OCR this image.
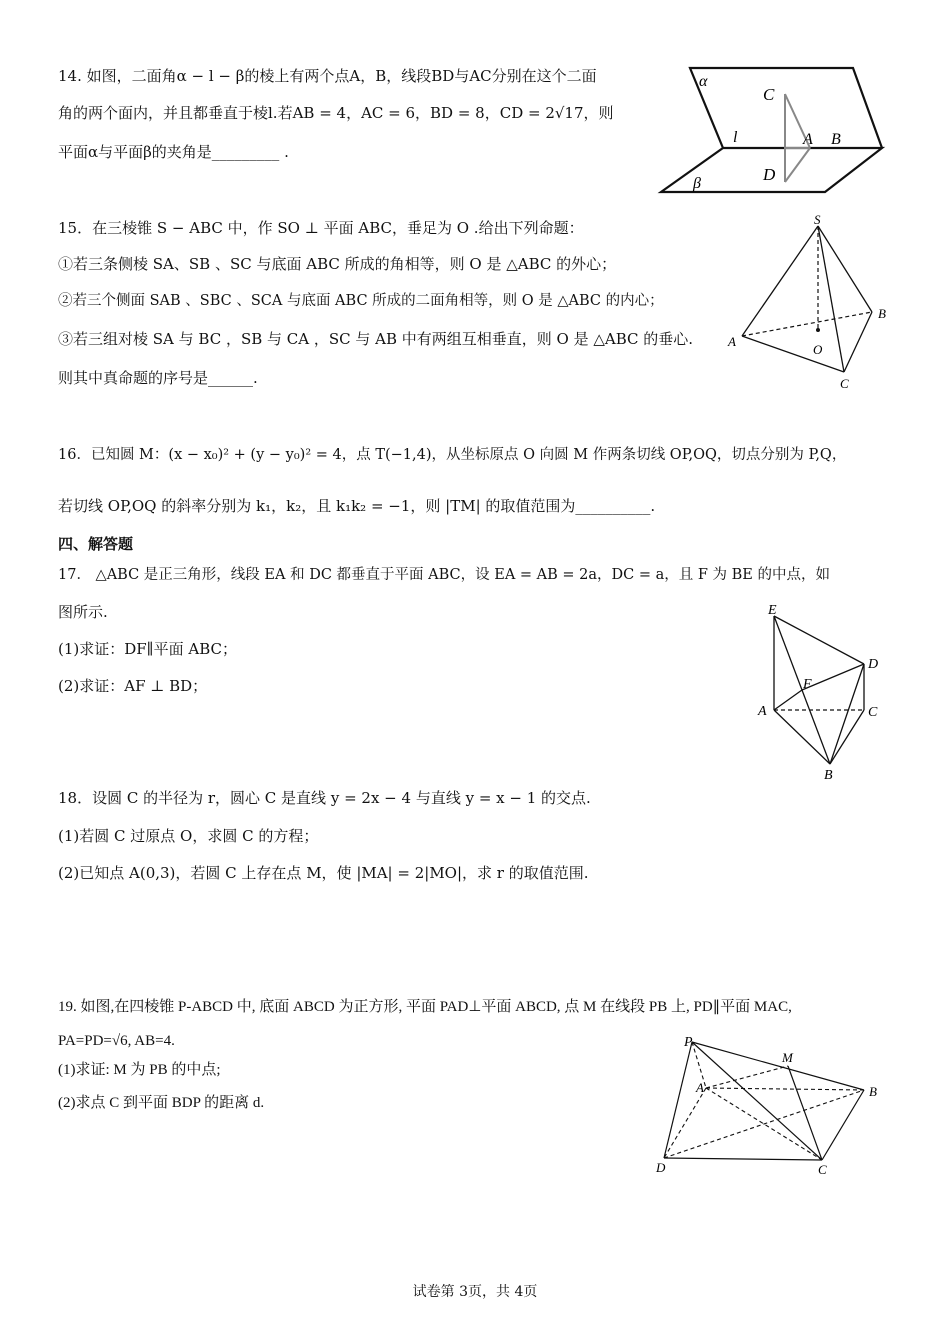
14. 如图，二面角α − l − β的棱上有两个点A，B，线段BD与AC分别在这个二面
角的两个面内，并且都垂直于棱l.若AB = 4，AC = 6，BD = 8，CD = 2√17，则
平面α与平面β的夹角是_________ .
α
C
l	A B
D
β
15．在三棱锥 S − ABC 中，作 SO ⊥ 平面 ABC，垂足为 O .给出下列命题：
①若三条侧棱 SA、SB 、SC 与底面 ABC 所成的角相等，则 O 是 △ABC 的外心；
②若三个侧面 SAB 、SBC 、SCA 与底面 ABC 所成的二面角相等，则 O 是 △ABC 的内心；
③若三组对棱 SA 与 BC ，SB 与 CA ，SC 与 AB 中有两组互相垂直，则 O 是 △ABC 的垂心.
则其中真命题的序号是______.
S
B
A
O
C
16．已知圆 M：(x − x₀)² + (y − y₀)² = 4，点 T(−1,4)，从坐标原点 O 向圆 M 作两条切线 OP,OQ，切点分别为 P,Q，
若切线 OP,OQ 的斜率分别为 k₁，k₂，且 k₁k₂ = −1，则 |TM| 的取值范围为__________.
四、解答题
17． △ABC 是正三角形，线段 EA 和 DC 都垂直于平面 ABC，设 EA = AB = 2a，DC = a，且 F 为 BE 的中点，如
图所示.
(1)求证：DF∥平面 ABC；
(2)求证：AF ⊥ BD；
E
D
F
A	C
B
18．设圆 C 的半径为 r，圆心 C 是直线 y = 2x − 4 与直线 y = x − 1 的交点.
(1)若圆 C 过原点 O，求圆 C 的方程；
(2)已知点 A(0,3)，若圆 C 上存在点 M，使 |MA| = 2|MO|，求 r 的取值范围.
19. 如图,在四棱锥 P-ABCD 中, 底面 ABCD 为正方形, 平面 PAD⊥平面 ABCD, 点 M 在线段 PB 上, PD∥平面 MAC,
PA=PD=√6, AB=4.
(1)求证: M 为 PB 的中点;
(2)求点 C 到平面 BDP 的距离 d.
P
M
A	B
D	C
试卷第 3页，共 4页
